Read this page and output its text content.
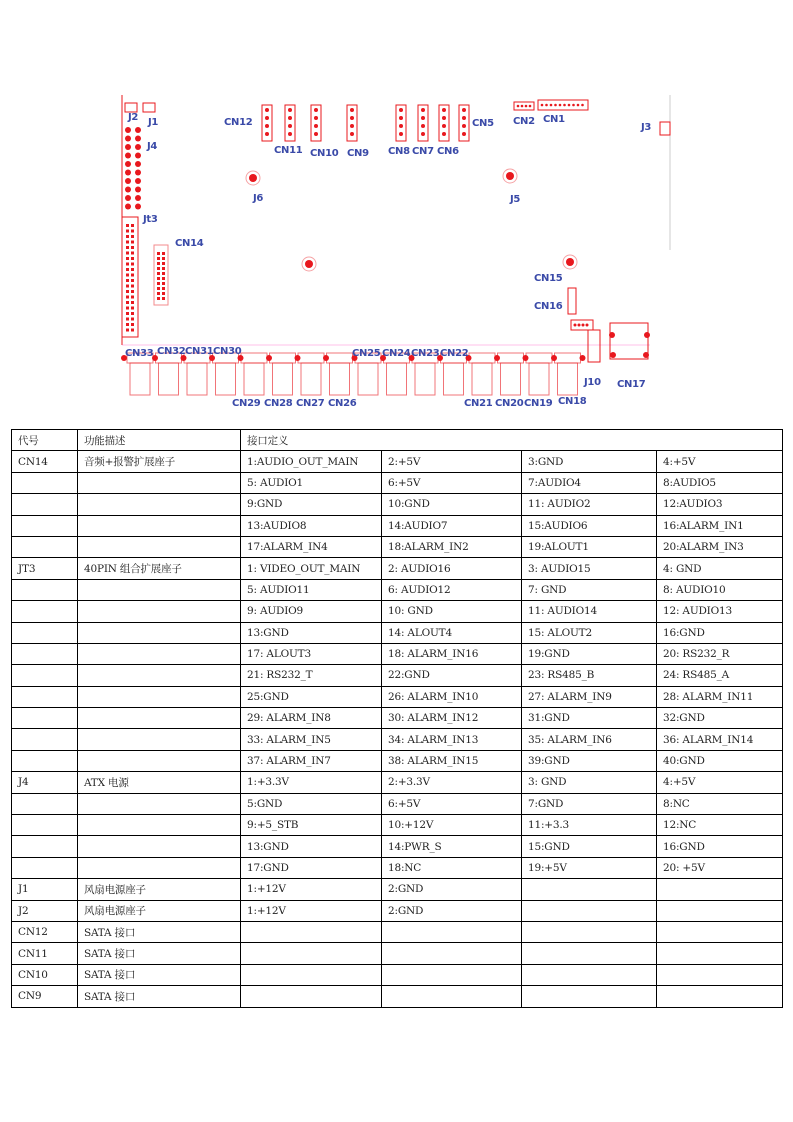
J2 J1
J4
Jt3
CN14
CN12
CN11 CN10 CN9 CN8 CN7 CN6
CN5 CN2 CN1
J3
J6	J5
CN15
CN16
CN33 CN32 CN31 CN30	CN25 CN24 CN23 CN22
CN29 CN28 CN27 CN26	CN21 CN20 CN19 CN18
J10 CN17
代号	功能描述	接口定义			
CN14	音频+报警扩展座子	1:AUDIO_OUT_MAIN	2:+5V	3:GND	4:+5V
		5: AUDIO1	6:+5V	7:AUDIO4	8:AUDIO5
		9:GND	10:GND	11: AUDIO2	12:AUDIO3
		13:AUDIO8	14:AUDIO7	15:AUDIO6	16:ALARM_IN1
		17:ALARM_IN4	18:ALARM_IN2	19:ALOUT1	20:ALARM_IN3
JT3	40PIN 组合扩展座子	1: VIDEO_OUT_MAIN	2: AUDIO16	3: AUDIO15	4: GND
		5: AUDIO11	6: AUDIO12	7: GND	8: AUDIO10
		9: AUDIO9	10: GND	11: AUDIO14	12: AUDIO13
		13:GND	14: ALOUT4	15: ALOUT2	16:GND
		17: ALOUT3	18: ALARM_IN16	19:GND	20: RS232_R
		21: RS232_T	22:GND	23: RS485_B	24: RS485_A
		25:GND	26: ALARM_IN10	27: ALARM_IN9	28: ALARM_IN11
		29: ALARM_IN8	30: ALARM_IN12	31:GND	32:GND
		33: ALARM_IN5	34: ALARM_IN13	35: ALARM_IN6	36: ALARM_IN14
		37: ALARM_IN7	38: ALARM_IN15	39:GND	40:GND
J4	ATX 电源	1:+3.3V	2:+3.3V	3: GND	4:+5V
		5:GND	6:+5V	7:GND	8:NC
		9:+5_STB	10:+12V	11:+3.3	12:NC
		13:GND	14:PWR_S	15:GND	16:GND
		17:GND	18:NC	19:+5V	20: +5V
J1	风扇电源座子	1:+12V	2:GND		
J2	风扇电源座子	1:+12V	2:GND		
CN12	SATA 接口				
CN11	SATA 接口				
CN10	SATA 接口				
CN9	SATA 接口				
